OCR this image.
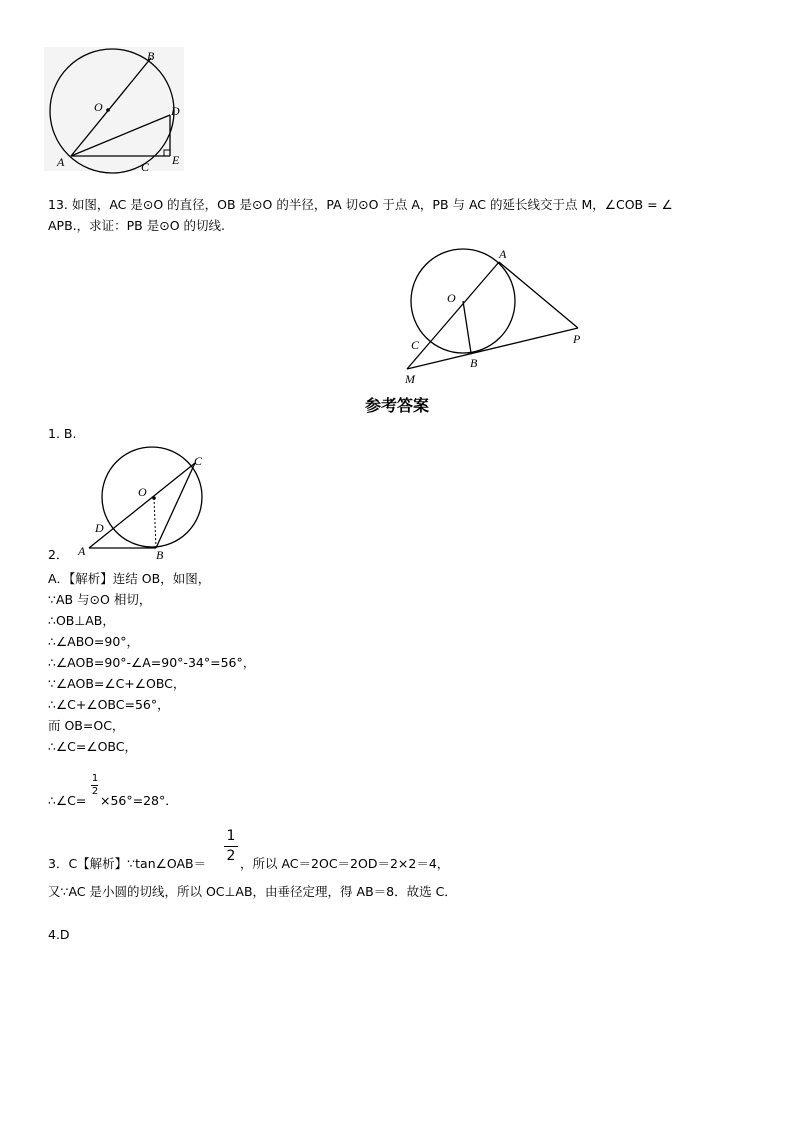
B
O	D
A	C E
13. 如图，AC 是⊙O 的直径，OB 是⊙O 的半径，PA 切⊙O 于点 A，PB 与 AC 的延长线交于点 M，∠COB = ∠
APB.，求证：PB 是⊙O 的切线.
A
O
C
B
P
M
参考答案
1. B.
C
O
D
A	B
2．
A．【解析】连结 OB，如图，
∵AB 与⊙O 相切，
∴OB⊥AB，
∴∠ABO=90°，
∴∠AOB=90°-∠A=90°-34°=56°，
∵∠AOB=∠C+∠OBC，
∴∠C+∠OBC=56°，
而 OB=OC，
∴∠C=∠OBC，
∴∠C=
1
2
×56°=28°．
3．C【解析】∵tan∠OAB＝
1
2 ，所以 AC＝2OC＝2OD＝2×2＝4，
又∵AC 是小圆的切线，所以 OC⊥AB，由垂径定理，得 AB＝8．故选 C．
4.D
